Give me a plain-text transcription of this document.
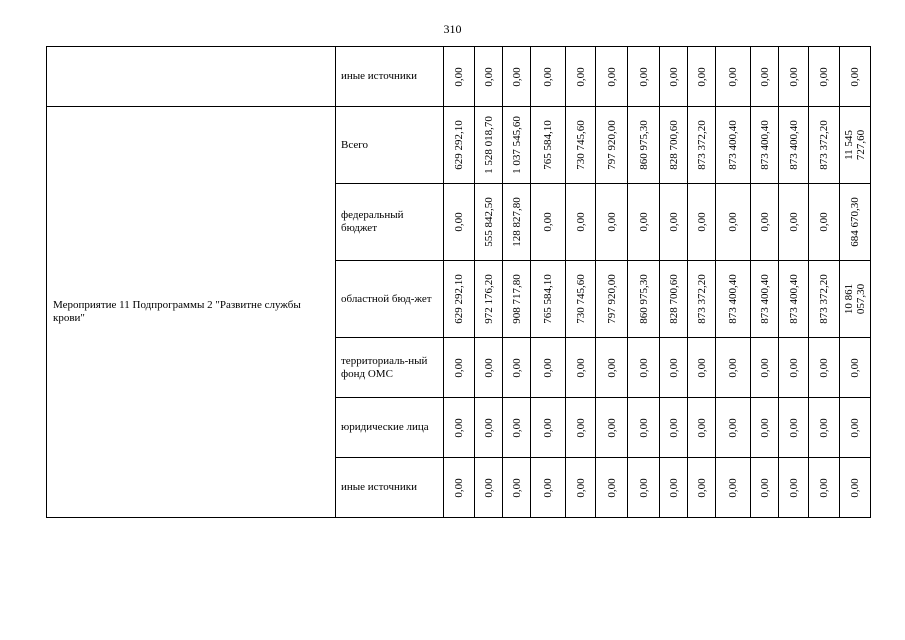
310
	иные источники	0,00	0,00	0,00	0,00	0,00	0,00	0,00	0,00	0,00	0,00	0,00	0,00	0,00	0,00

Мероприятие 11 Подпрограммы 2 "Развитне службы крови"	Всего	629 292,10	1 528 018,70	1 037 545,60	765 584,10	730 745,60	797 920,00	860 975,30	828 700,60	873 372,20	873 400,40	873 400,40	873 400,40	873 372,20	11 545 727,60

	федеральный бюджет	0,00	555 842,50	128 827,80	0,00	0,00	0,00	0,00	0,00	0,00	0,00	0,00	0,00	0,00	684 670,30

	областной бюд-жет	629 292,10	972 176,20	908 717,80	765 584,10	730 745,60	797 920,00	860 975,30	828 700,60	873 372,20	873 400,40	873 400,40	873 400,40	873 372,20	10 861 057,30

	территориаль-ный фонд ОМС	0,00	0,00	0,00	0,00	0,00	0,00	0,00	0,00	0,00	0,00	0,00	0,00	0,00	0,00

	юридические лица	0,00	0,00	0,00	0,00	0,00	0,00	0,00	0,00	0,00	0,00	0,00	0,00	0,00	0,00

	иные источники	0,00	0,00	0,00	0,00	0,00	0,00	0,00	0,00	0,00	0,00	0,00	0,00	0,00	0,00
